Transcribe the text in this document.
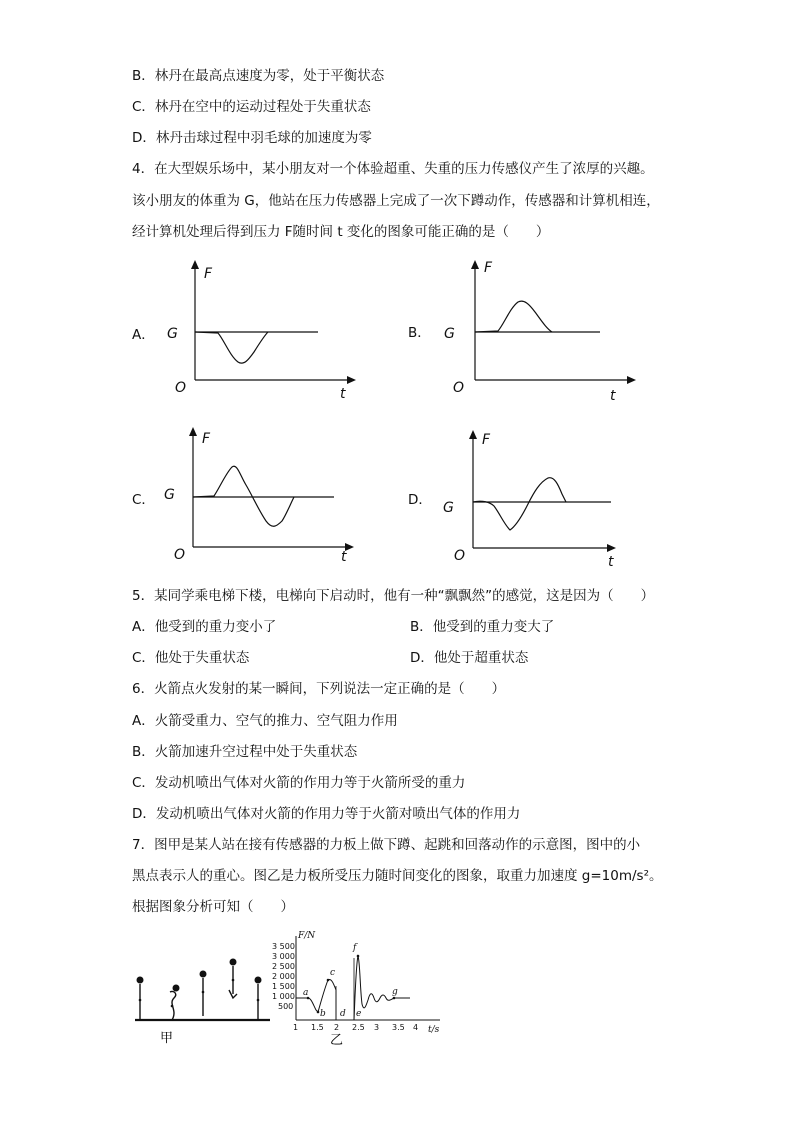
B．林丹在最高点速度为零，处于平衡状态
C．林丹在空中的运动过程处于失重状态
D．林丹击球过程中羽毛球的加速度为零
4．在大型娱乐场中，某小朋友对一个体验超重、失重的压力传感仪产生了浓厚的兴趣。
该小朋友的体重为 G，他站在压力传感器上完成了一次下蹲动作，传感器和计算机相连，
经计算机处理后得到压力 F随时间 t 变化的图象可能正确的是（　　）
A．
F
G
O	t
B．
F
G
O	t
C．
F
G
O	t
D．
F
G
O	t
5．某同学乘电梯下楼，电梯向下启动时，他有一种“飘飘然”的感觉，这是因为（　　）
A．他受到的重力变小了	B．他受到的重力变大了
C．他处于失重状态	D．他处于超重状态
6．火箭点火发射的某一瞬间，下列说法一定正确的是（　　）
A．火箭受重力、空气的推力、空气阻力作用
B．火箭加速升空过程中处于失重状态
C．发动机喷出气体对火箭的作用力等于火箭所受的重力
D．发动机喷出气体对火箭的作用力等于火箭对喷出气体的作用力
7．图甲是某人站在接有传感器的力板上做下蹲、起跳和回落动作的示意图，图中的小
黑点表示人的重心。图乙是力板所受压力随时间变化的图象，取重力加速度 g=10m/s²。
根据图象分析可知（　　）
甲
F/N
t/s
3 500
3 000
2 500
2 000
1 500
1 000
500
1 1.5 2 2.5 3 3.5 4
a
b
c
d e
f
g
乙
